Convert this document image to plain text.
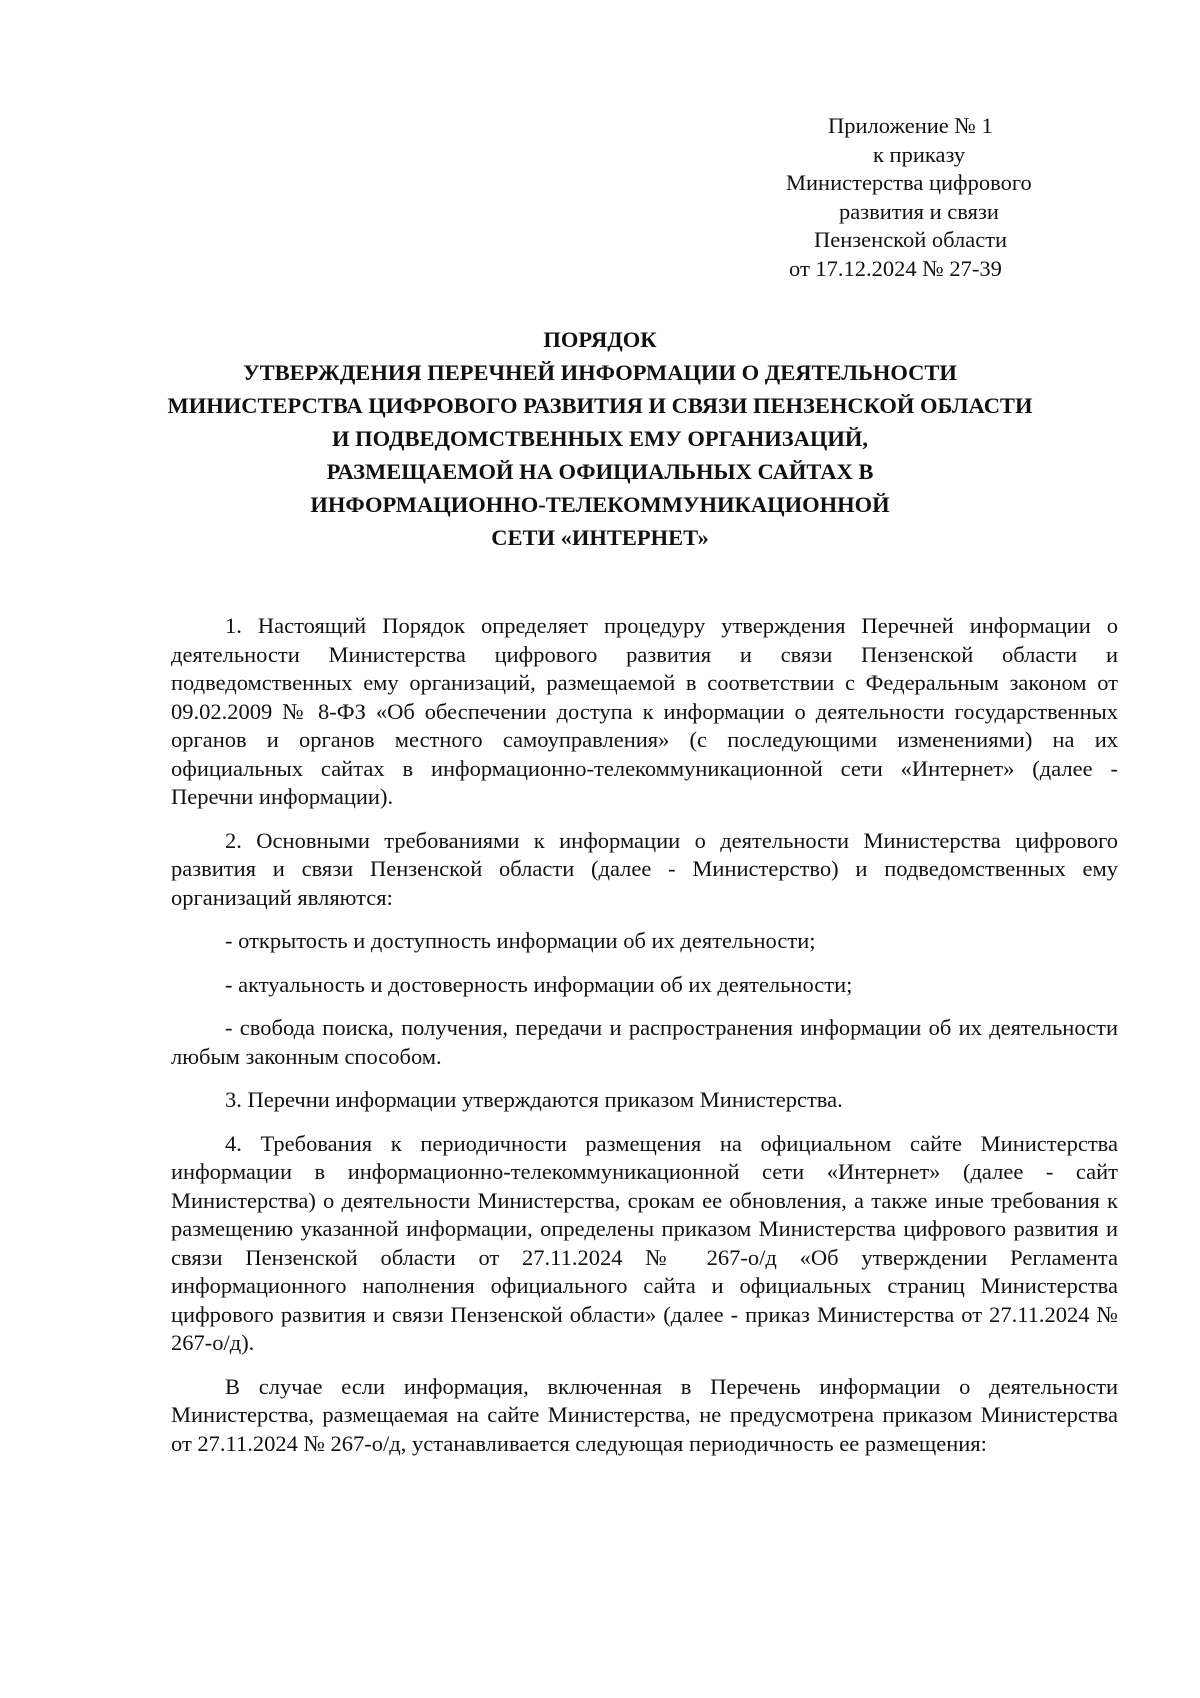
Приложение № 1
к приказу
Министерства цифрового
развития и связи
Пензенской области
от 17.12.2024 № 27-39
ПОРЯДОК
УТВЕРЖДЕНИЯ ПЕРЕЧНЕЙ ИНФОРМАЦИИ О ДЕЯТЕЛЬНОСТИ
МИНИСТЕРСТВА ЦИФРОВОГО РАЗВИТИЯ И СВЯЗИ ПЕНЗЕНСКОЙ ОБЛАСТИ
И ПОДВЕДОМСТВЕННЫХ ЕМУ ОРГАНИЗАЦИЙ,
РАЗМЕЩАЕМОЙ НА ОФИЦИАЛЬНЫХ САЙТАХ В
ИНФОРМАЦИОННО-ТЕЛЕКОММУНИКАЦИОННОЙ
СЕТИ «ИНТЕРНЕТ»

1. Настоящий Порядок определяет процедуру утверждения Перечней информации о деятельности Министерства цифрового развития и связи Пензенской области и подведомственных ему организаций, размещаемой в соответствии с Федеральным законом от 09.02.2009 № 8-ФЗ «Об обеспечении доступа к информации о деятельности государственных органов и органов местного самоуправления» (с последующими изменениями) на их официальных сайтах в информационно-телекоммуникационной сети «Интернет» (далее - Перечни информации).

2. Основными требованиями к информации о деятельности Министерства цифрового развития и связи Пензенской области (далее - Министерство) и подведомственных ему организаций являются:

- открытость и доступность информации об их деятельности;

- актуальность и достоверность информации об их деятельности;

- свобода поиска, получения, передачи и распространения информации об их деятельности любым законным способом.

3. Перечни информации утверждаются приказом Министерства.

4. Требования к периодичности размещения на официальном сайте Министерства информации в информационно-телекоммуникационной сети «Интернет» (далее - сайт Министерства) о деятельности Министерства, срокам ее обновления, а также иные требования к размещению указанной информации, определены приказом Министерства цифрового развития и связи Пензенской области от 27.11.2024 № 267-о/д «Об утверждении Регламента информационного наполнения официального сайта и официальных страниц Министерства цифрового развития и связи Пензенской области» (далее - приказ Министерства от 27.11.2024 № 267-о/д).

В случае если информация, включенная в Перечень информации о деятельности Министерства, размещаемая на сайте Министерства, не предусмотрена приказом Министерства от 27.11.2024 № 267-о/д, устанавливается следующая периодичность ее размещения:
